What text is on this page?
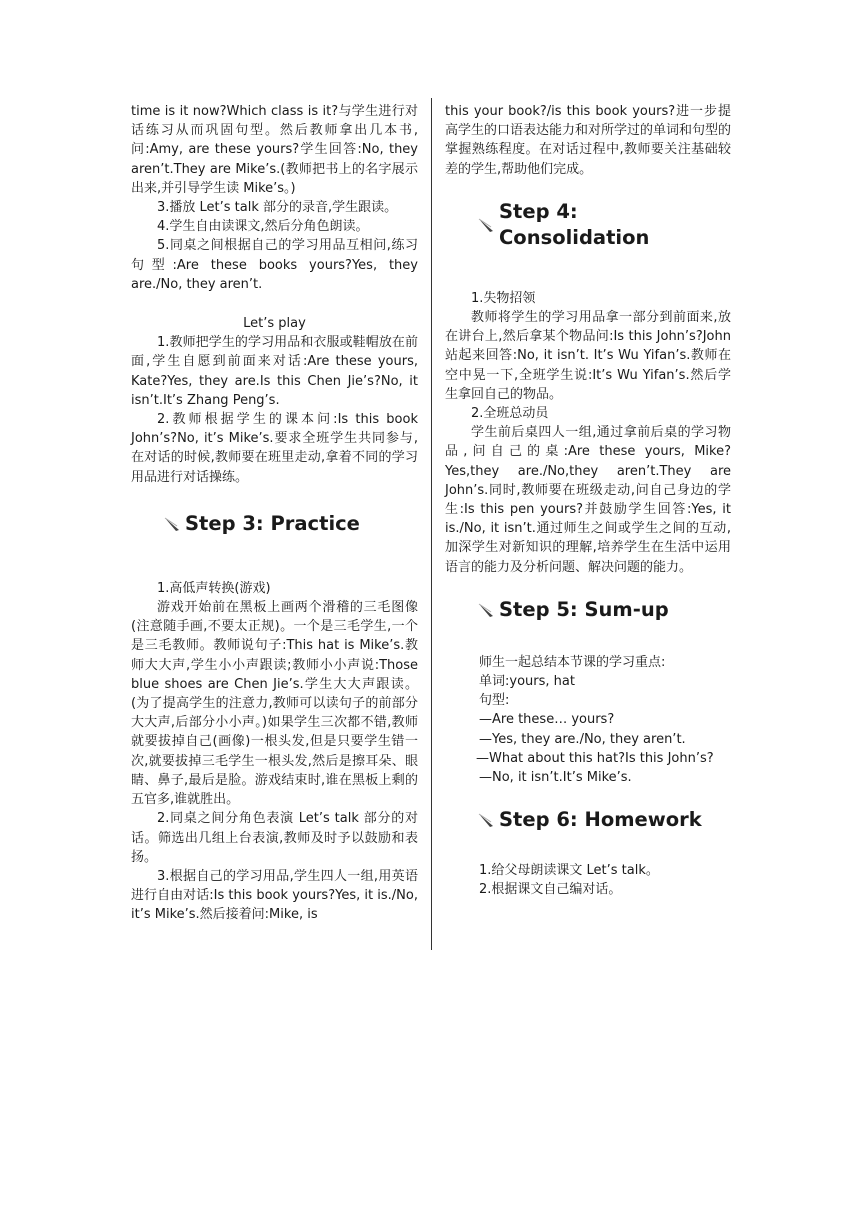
time is it now?Which class is it?与学生进行对话练习从而巩固句型。然后教师拿出几本书,问:Amy, are these yours?学生回答:No, they aren’t.They are Mike’s.(教师把书上的名字展示出来,并引导学生读 Mike’s。)

3.播放 Let’s talk 部分的录音,学生跟读。

4.学生自由读课文,然后分角色朗读。

5.同桌之间根据自己的学习用品互相问,练习句型:Are these books yours?Yes, they are./No, they aren’t.

Let’s play

1.教师把学生的学习用品和衣服或鞋帽放在前面,学生自愿到前面来对话:Are these yours, Kate?Yes, they are.Is this Chen Jie’s?No, it isn’t.It’s Zhang Peng’s.

2.教师根据学生的课本问:Is this book John’s?No, it’s Mike’s.要求全班学生共同参与,在对话的时候,教师要在班里走动,拿着不同的学习用品进行对话操练。

Step 3: Practice

1.高低声转换(游戏)

游戏开始前在黑板上画两个滑稽的三毛图像(注意随手画,不要太正规)。一个是三毛学生,一个是三毛教师。教师说句子:This hat is Mike’s.教师大大声,学生小小声跟读;教师小小声说:Those blue shoes are Chen Jie’s.学生大大声跟读。(为了提高学生的注意力,教师可以读句子的前部分大大声,后部分小小声。)如果学生三次都不错,教师就要拔掉自己(画像)一根头发,但是只要学生错一次,就要拔掉三毛学生一根头发,然后是擦耳朵、眼睛、鼻子,最后是脸。游戏结束时,谁在黑板上剩的五官多,谁就胜出。

2.同桌之间分角色表演 Let’s talk 部分的对话。筛选出几组上台表演,教师及时予以鼓励和表扬。

3.根据自己的学习用品,学生四人一组,用英语进行自由对话:Is this book yours?Yes, it is./No, it’s Mike’s.然后接着问:Mike, is

this your book?/is this book yours?进一步提高学生的口语表达能力和对所学过的单词和句型的掌握熟练程度。在对话过程中,教师要关注基础较差的学生,帮助他们完成。

Step 4: Consolidation

1.失物招领

教师将学生的学习用品拿一部分到前面来,放在讲台上,然后拿某个物品问:Is this John’s?John 站起来回答:No, it isn’t. It’s Wu Yifan’s.教师在空中晃一下,全班学生说:It’s Wu Yifan’s.然后学生拿回自己的物品。

2.全班总动员

学生前后桌四人一组,通过拿前后桌的学习物品,问自己的桌:Are these yours, Mike?Yes,they are./No,they aren’t.They are John’s.同时,教师要在班级走动,问自己身边的学生:Is this pen yours?并鼓励学生回答:Yes, it is./No, it isn’t.通过师生之间或学生之间的互动,加深学生对新知识的理解,培养学生在生活中运用语言的能力及分析问题、解决问题的能力。

Step 5: Sum-up

师生一起总结本节课的学习重点:

单词:yours, hat

句型:

—Are these… yours?

—Yes, they are./No, they aren’t.

—What about this hat?Is this John’s?

—No, it isn’t.It’s Mike’s.

Step 6: Homework

1.给父母朗读课文 Let’s talk。

2.根据课文自己编对话。
